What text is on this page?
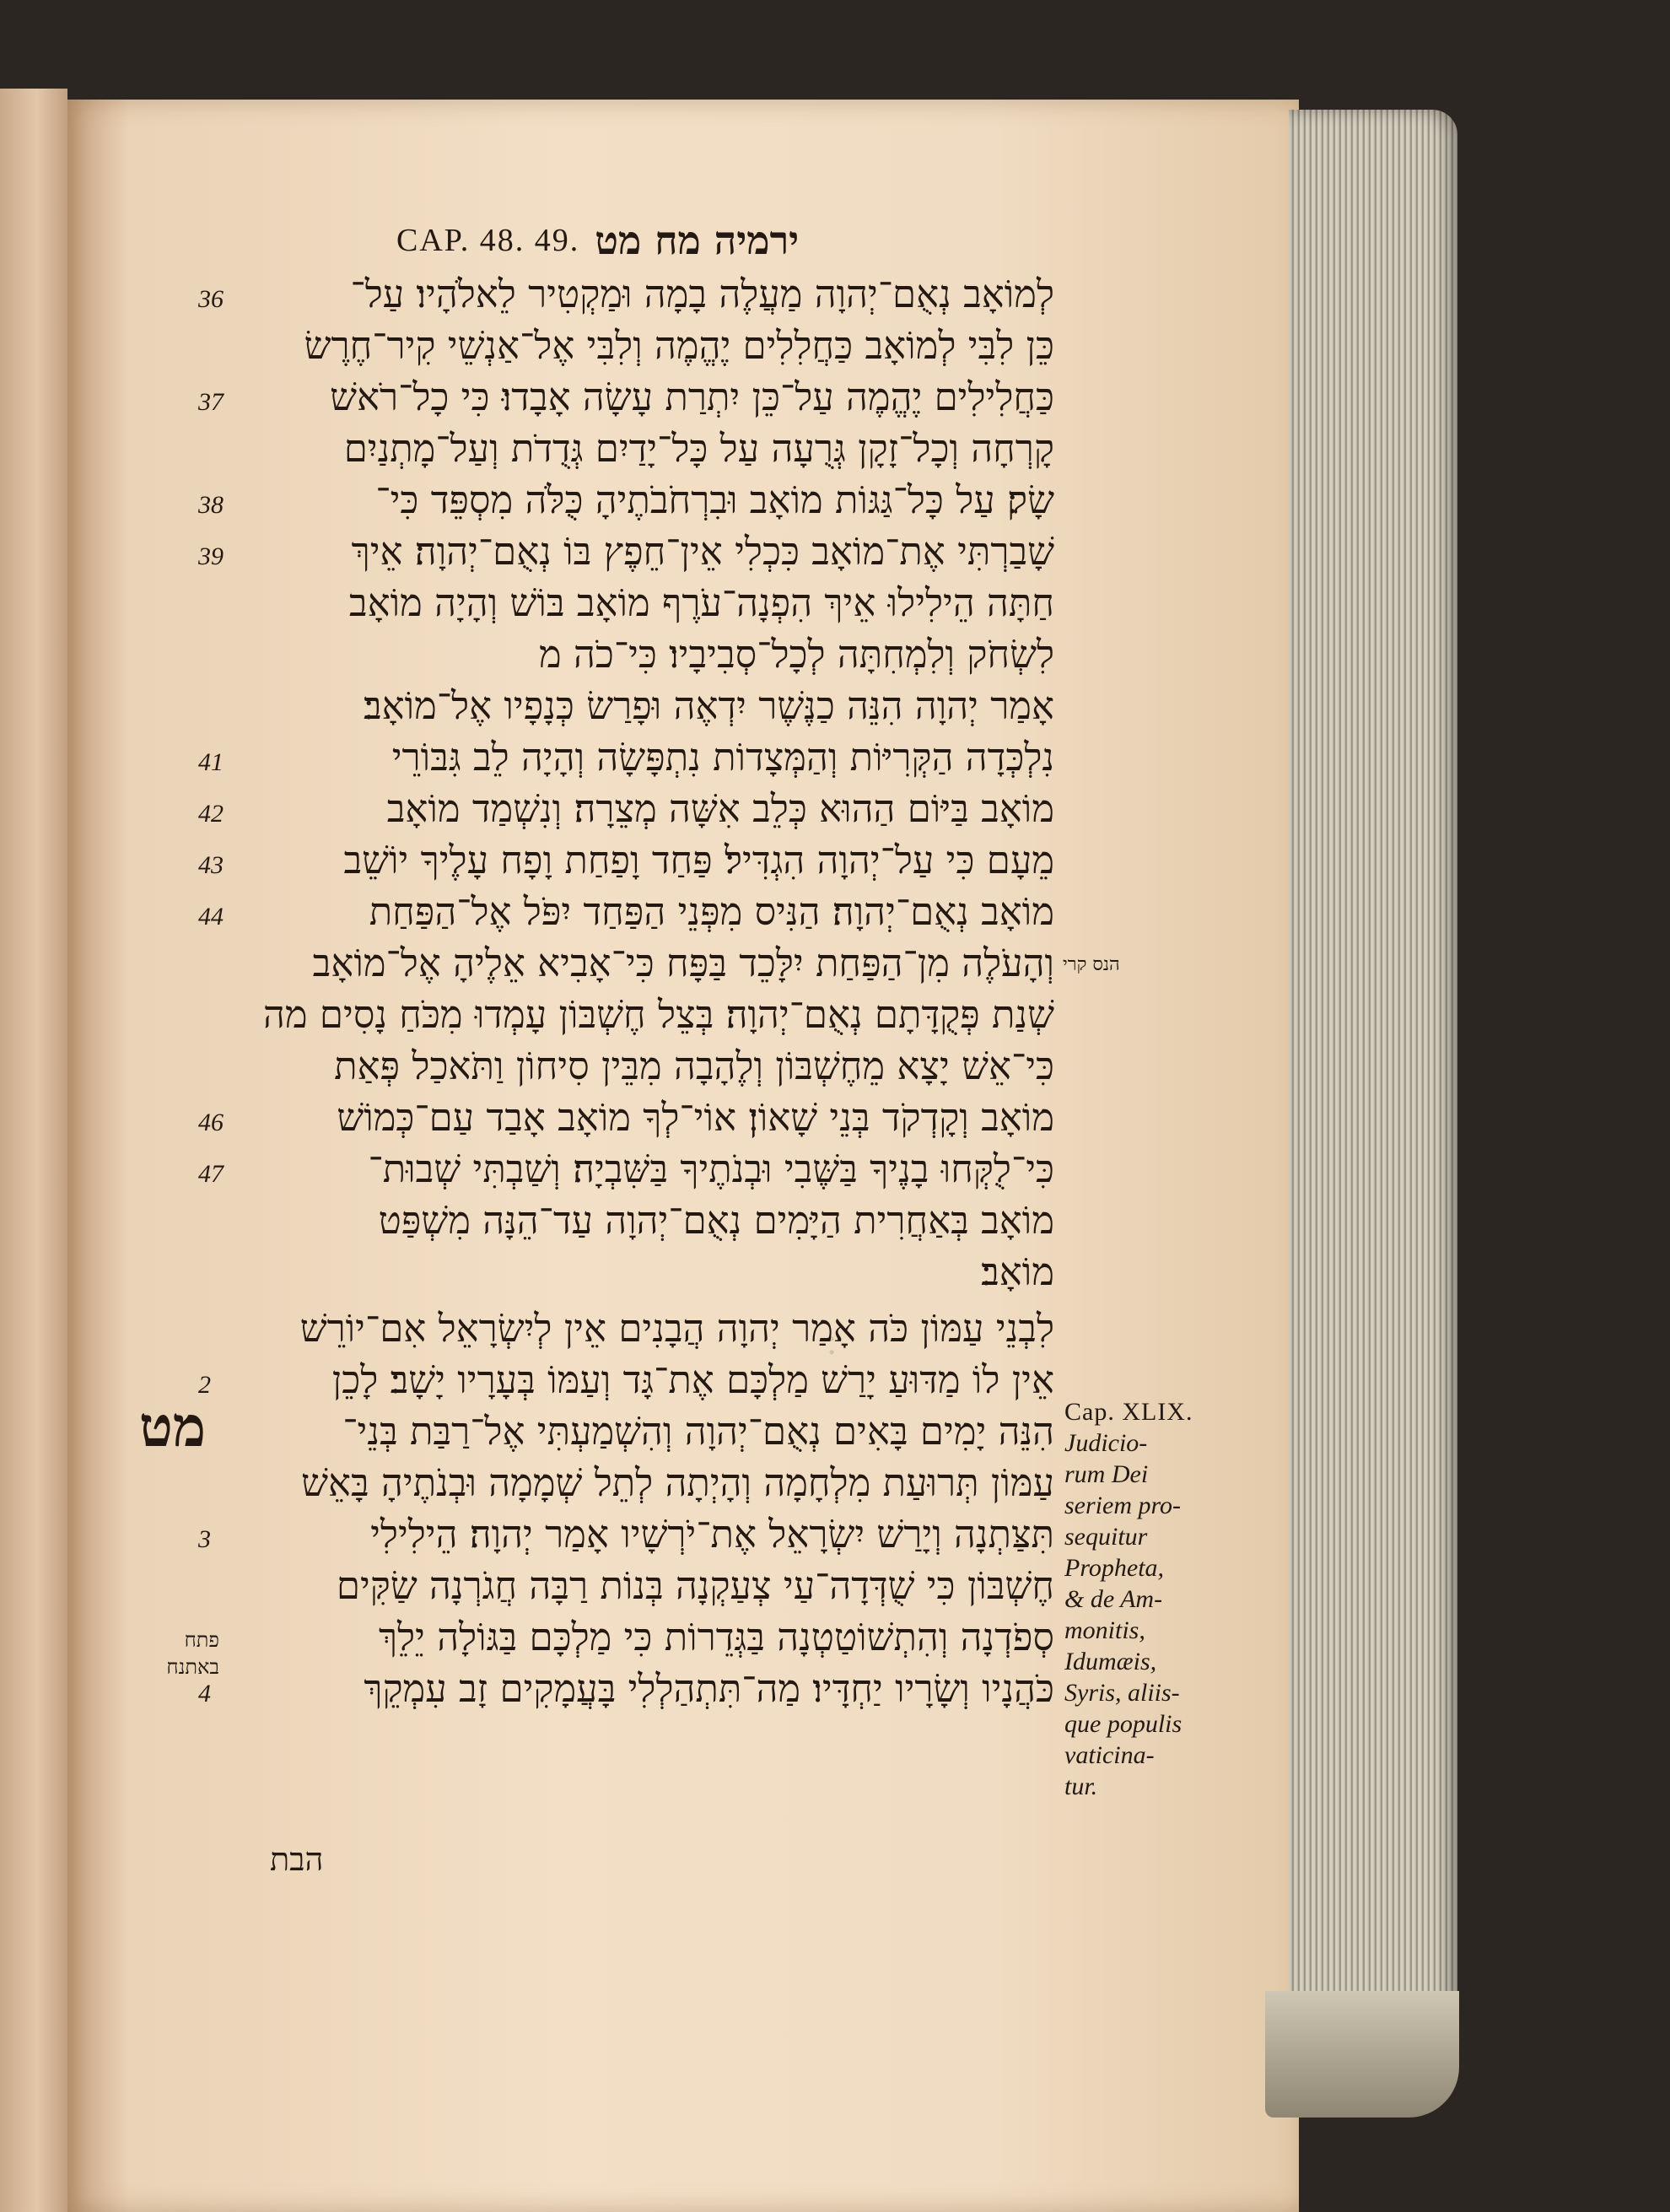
CAP. 48. 49. ירמיה מח מט
לְמוֹאָב נְאֻם־יְהוָה מַעֲלֶה בָמָה וּמַקְטִיר לֵאלֹהָיו׃ עַל־
36
כֵּן לִבִּי לְמוֹאָב כַּחֲלִלִים יֶהֱמֶה וְלִבִּי אֶל־אַנְשֵׁי קִיר־חֶרֶשׂ
כַּחֲלִילִים יֶהֱמֶה עַל־כֵּן יִתְרַת עָשָׂה אָבָדוּ׃ כִּי כָל־רֹאשׁ
37
קָרְחָה וְכָל־זָקָן גְּרֻעָה עַל כָּל־יָדַיִם גְּדֻדֹת וְעַל־מָתְנַיִם
שָׂק׃ עַל כָּל־גַּגּוֹת מוֹאָב וּבִרְחֹבֹתֶיהָ כֻּלֹּה מִסְפֵּד כִּי־
38
שָׁבַרְתִּי אֶת־מוֹאָב כִּכְלִי אֵין־חֵפֶץ בּוֹ נְאֻם־יְהוָה׃ אֵיךְ
39
חַתָּה הֵילִילוּ אֵיךְ הִפְנָה־עֹרֶף מוֹאָב בּוֹשׁ וְהָיָה מוֹאָב
לִשְׂחֹק וְלִמְחִתָּה לְכָל־סְבִיבָיו׃ כִּי־כֹה מ
אָמַר יְהוָה הִנֵּה כַנֶּשֶׁר יִדְאֶה וּפָרַשׂ כְּנָפָיו אֶל־מוֹאָב׃
נִלְכְּדָה הַקְּרִיּוֹת וְהַמְּצָדוֹת נִתְפָּשָׂה וְהָיָה לֵב גִּבּוֹרֵי
41
מוֹאָב בַּיּוֹם הַהוּא כְּלֵב אִשָּׁה מְצֵרָה׃ וְנִשְׁמַד מוֹאָב
42
מֵעָם כִּי עַל־יְהוָה הִגְדִּיל׃ פַּחַד וָפַחַת וָפָח עָלֶיךָ יוֹשֵׁב
43
מוֹאָב נְאֻם־יְהוָה׃ הַנִּיס מִפְּנֵי הַפַּחַד יִפֹּל אֶל־הַפַּחַת
44
וְהָעֹלֶה מִן־הַפַּחַת יִלָּכֵד בַּפָּח כִּי־אָבִיא אֵלֶיהָ אֶל־מוֹאָב
שְׁנַת פְּקֻדָּתָם נְאֻם־יְהוָה׃ בְּצֵל חֶשְׁבּוֹן עָמְדוּ מִכֹּחַ נָסִים מה
כִּי־אֵשׁ יָצָא מֵחֶשְׁבּוֹן וְלֶהָבָה מִבֵּין סִיחוֹן וַתֹּאכַל פְּאַת
מוֹאָב וְקָדְקֹד בְּנֵי שָׁאוֹן׃ אוֹי־לְךָ מוֹאָב אָבַד עַם־כְּמוֹשׁ
46
כִּי־לֻקְּחוּ בָנֶיךָ בַּשֶּׁבִי וּבְנֹתֶיךָ בַּשִּׁבְיָה׃ וְשַׁבְתִּי שְׁבוּת־
47
מוֹאָב בְּאַחֲרִית הַיָּמִים נְאֻם־יְהוָה עַד־הֵנָּה מִשְׁפַּט
מוֹאָב׃
לִבְנֵי עַמּוֹן כֹּה אָמַר יְהוָה הֲבָנִים אֵין לְיִשְׂרָאֵל אִם־יוֹרֵשׁ
אֵין לוֹ מַדּוּעַ יָרַשׁ מַלְכָּם אֶת־גָּד וְעַמּוֹ בְּעָרָיו יָשָׁב׃ לָכֵן
2
הִנֵּה יָמִים בָּאִים נְאֻם־יְהוָה וְהִשְׁמַעְתִּי אֶל־רַבַּת בְּנֵי־
עַמּוֹן תְּרוּעַת מִלְחָמָה וְהָיְתָה לְתֵל שְׁמָמָה וּבְנֹתֶיהָ בָּאֵשׁ
תִּצַּתְנָה וְיָרַשׁ יִשְׂרָאֵל אֶת־יֹרְשָׁיו אָמַר יְהוָה׃ הֵילִילִי
3
חֶשְׁבּוֹן כִּי שֻׁדְּדָה־עַי צְעַקְנָה בְּנוֹת רַבָּה חֲגֹרְנָה שַׂקִּים
סְפֹדְנָה וְהִתְשׁוֹטַטְנָה בַּגְּדֵרוֹת כִּי מַלְכָּם בַּגּוֹלָה יֵלֵךְ
כֹּהֲנָיו וְשָׂרָיו יַחְדָּיו׃ מַה־תִּתְהַלְלִי בָּעֲמָקִים זָב עִמְקֵךְ
4
מט
הנס קרי
פתח
באתנח
Cap. XLIX.
Judicio-
rum Dei
seriem pro-
sequitur
Propheta,
& de Am-
monitis,
Idumæis,
Syris, aliis-
que populis
vaticina-
tur.
הבת
